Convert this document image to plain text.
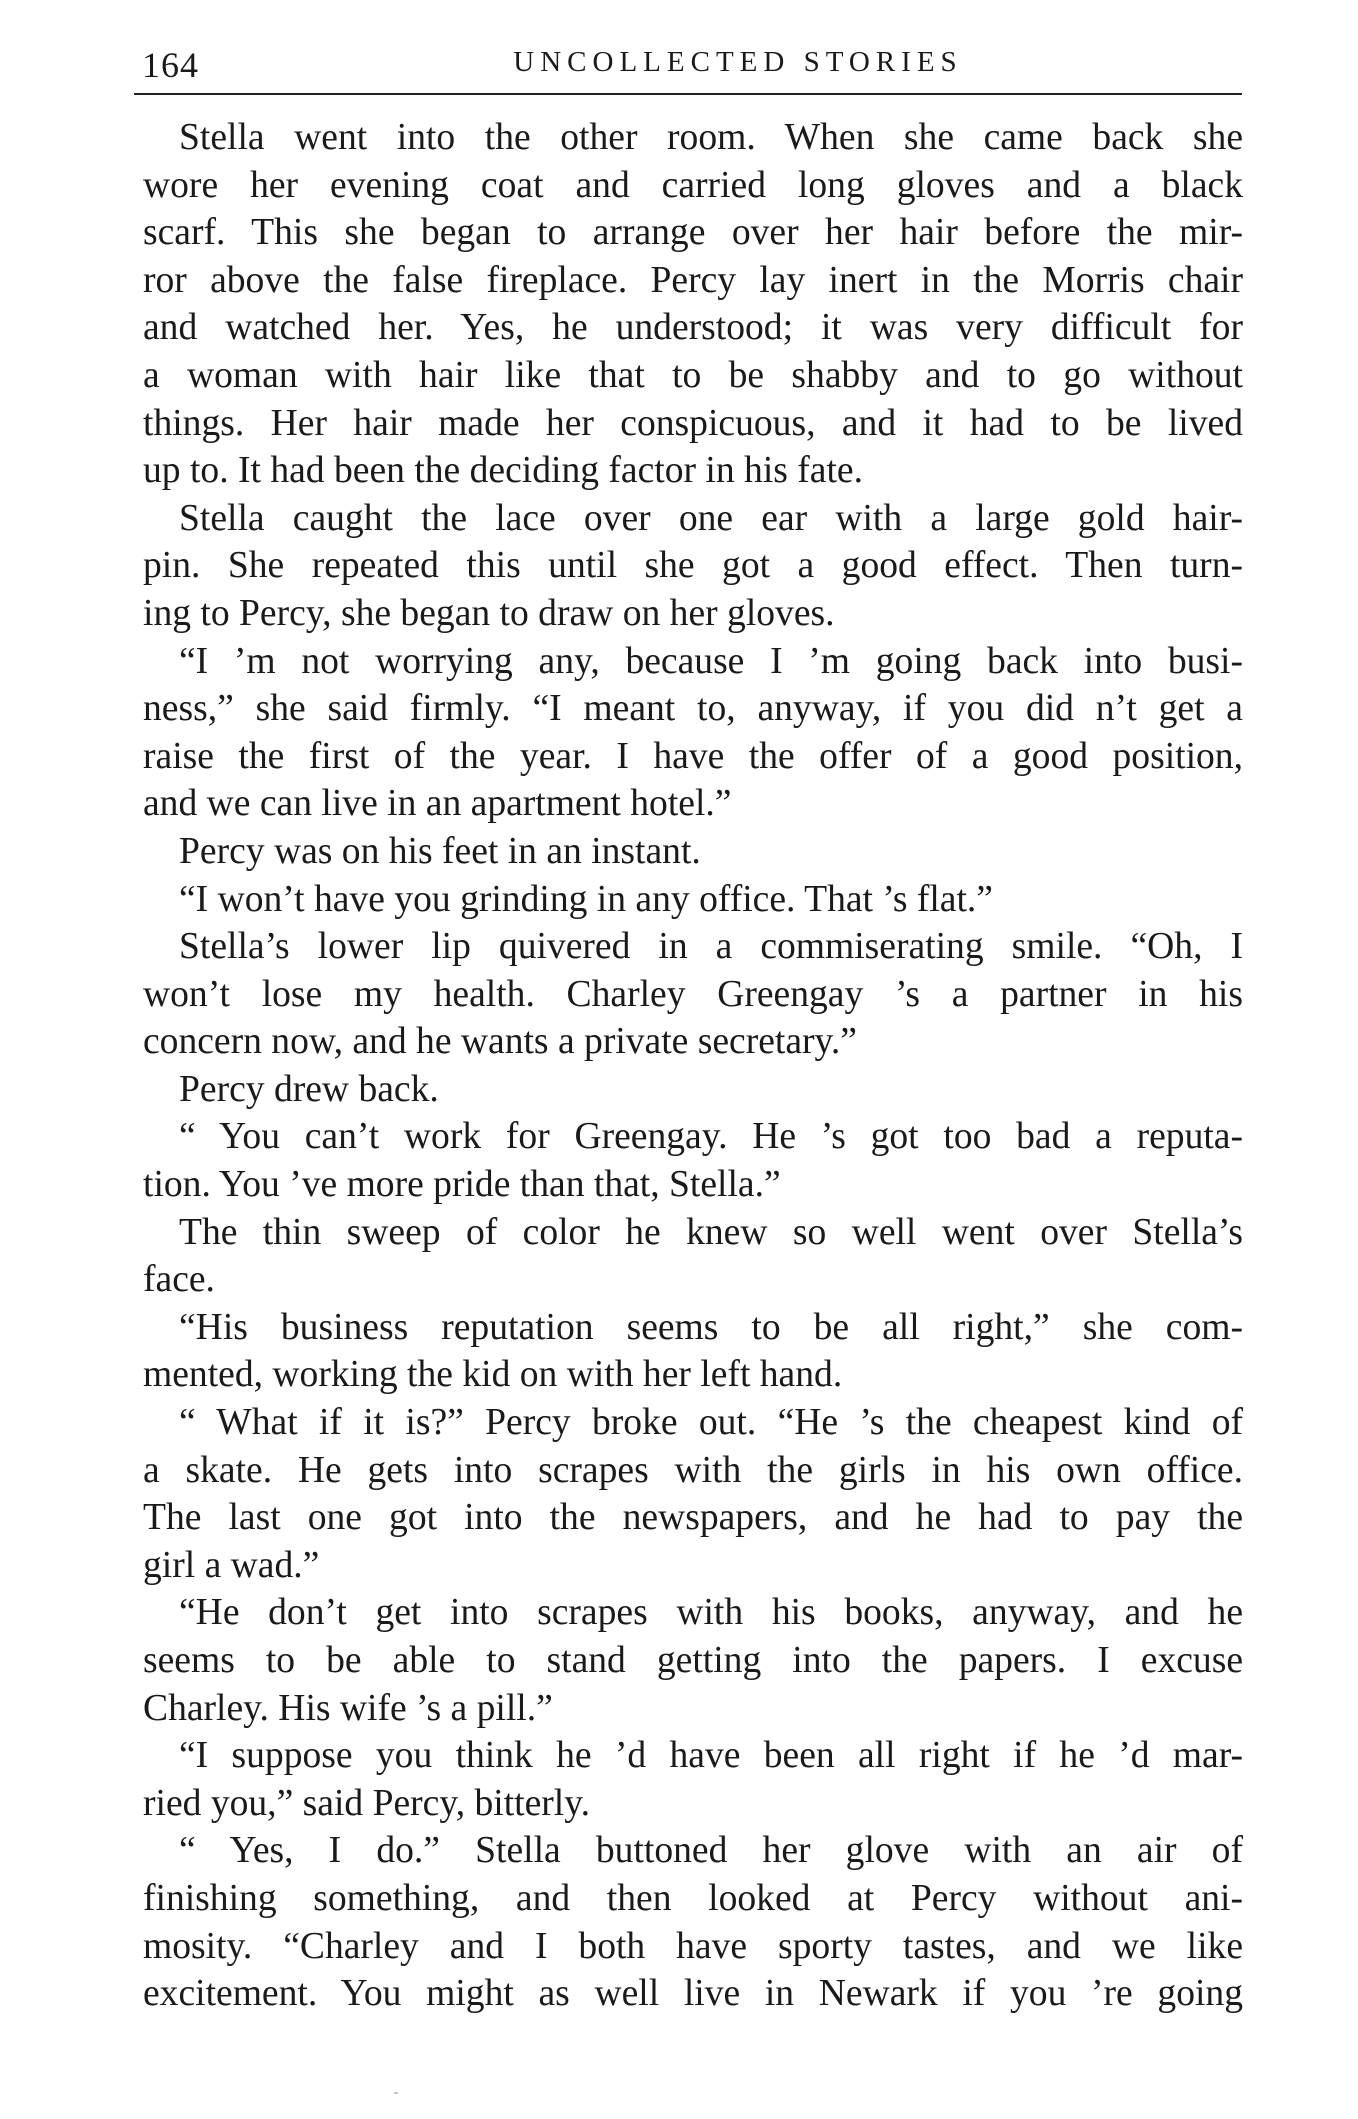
164	UNCOLLECTED STORIES
Stella went into the other room. When she came back she
wore her evening coat and carried long gloves and a black
scarf. This she began to arrange over her hair before the mir-
ror above the false fireplace. Percy lay inert in the Morris chair
and watched her. Yes, he understood; it was very difficult for
a woman with hair like that to be shabby and to go without
things. Her hair made her conspicuous, and it had to be lived
up to. It had been the deciding factor in his fate.
Stella caught the lace over one ear with a large gold hair-
pin. She repeated this until she got a good effect. Then turn-
ing to Percy, she began to draw on her gloves.
“I ’m not worrying any, because I ’m going back into busi-
ness,” she said firmly. “I meant to, anyway, if you did n’t get a
raise the first of the year. I have the offer of a good position,
and we can live in an apartment hotel.”
Percy was on his feet in an instant.
“I won’t have you grinding in any office. That ’s flat.”
Stella’s lower lip quivered in a commiserating smile. “Oh, I
won’t lose my health. Charley Greengay ’s a partner in his
concern now, and he wants a private secretary.”
Percy drew back.
“ You can’t work for Greengay. He ’s got too bad a reputa-
tion. You ’ve more pride than that, Stella.”
The thin sweep of color he knew so well went over Stella’s
face.
“His business reputation seems to be all right,” she com-
mented, working the kid on with her left hand.
“ What if it is?” Percy broke out. “He ’s the cheapest kind of
a skate. He gets into scrapes with the girls in his own office.
The last one got into the newspapers, and he had to pay the
girl a wad.”
“He don’t get into scrapes with his books, anyway, and he
seems to be able to stand getting into the papers. I excuse
Charley. His wife ’s a pill.”
“I suppose you think he ’d have been all right if he ’d mar-
ried you,” said Percy, bitterly.
“ Yes, I do.” Stella buttoned her glove with an air of
finishing something, and then looked at Percy without ani-
mosity. “Charley and I both have sporty tastes, and we like
excitement. You might as well live in Newark if you ’re going
